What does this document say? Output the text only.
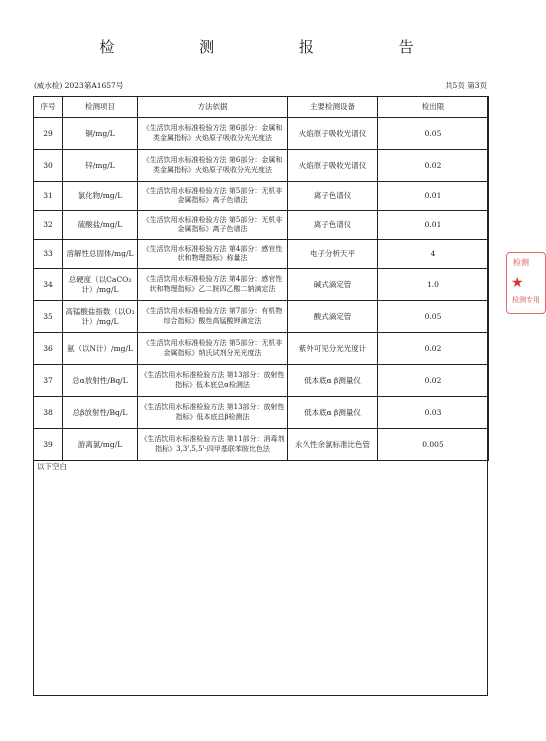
检 测 报 告
(威水检) 2023第A1657号	共5页 第3页
序号	检测项目	方法依据	主要检测设备	检出限
29	铜/mg/L	《生活饮用水标准检验方法 第6部分：金属和类金属指标》火焰原子吸收分光光度法	火焰原子吸收光谱仪	0.05
30	锌/mg/L	《生活饮用水标准检验方法 第6部分：金属和类金属指标》火焰原子吸收分光光度法	火焰原子吸收光谱仪	0.02
31	氯化物/mg/L	《生活饮用水标准检验方法 第5部分：无机非金属指标》离子色谱法	离子色谱仪	0.01
32	硫酸盐/mg/L	《生活饮用水标准检验方法 第5部分：无机非金属指标》离子色谱法	离子色谱仪	0.01
33	溶解性总固体/mg/L	《生活饮用水标准检验方法 第4部分：感官性状和物理指标》称量法	电子分析天平	4
34	总硬度（以CaCO₃计）/mg/L	《生活饮用水标准检验方法 第4部分：感官性状和物理指标》乙二胺四乙酸二钠滴定法	碱式滴定管	1.0
35	高锰酸盐指数（以O₂计）/mg/L	《生活饮用水标准检验方法 第7部分：有机物综合指标》酸性高锰酸钾滴定法	酸式滴定管	0.05
36	氨（以N计）/mg/L	《生活饮用水标准检验方法 第5部分：无机非金属指标》纳氏试剂分光光度法	紫外可见分光光度计	0.02
37	总α放射性/Bq/L	《生活饮用水标准检验方法 第13部分：放射性指标》低本底总α检测法	低本底α β测量仪	0.02
38	总β放射性/Bq/L	《生活饮用水标准检验方法 第13部分：放射性指标》低本底总β检测法	低本底α β测量仪	0.03
39	游离氯/mg/L	《生活饮用水标准检验方法 第11部分：消毒剂指标》3,3',5,5'-四甲基联苯胺比色法	永久性余氯标准比色管	0.005
以下空白
检测
★
检测专用
